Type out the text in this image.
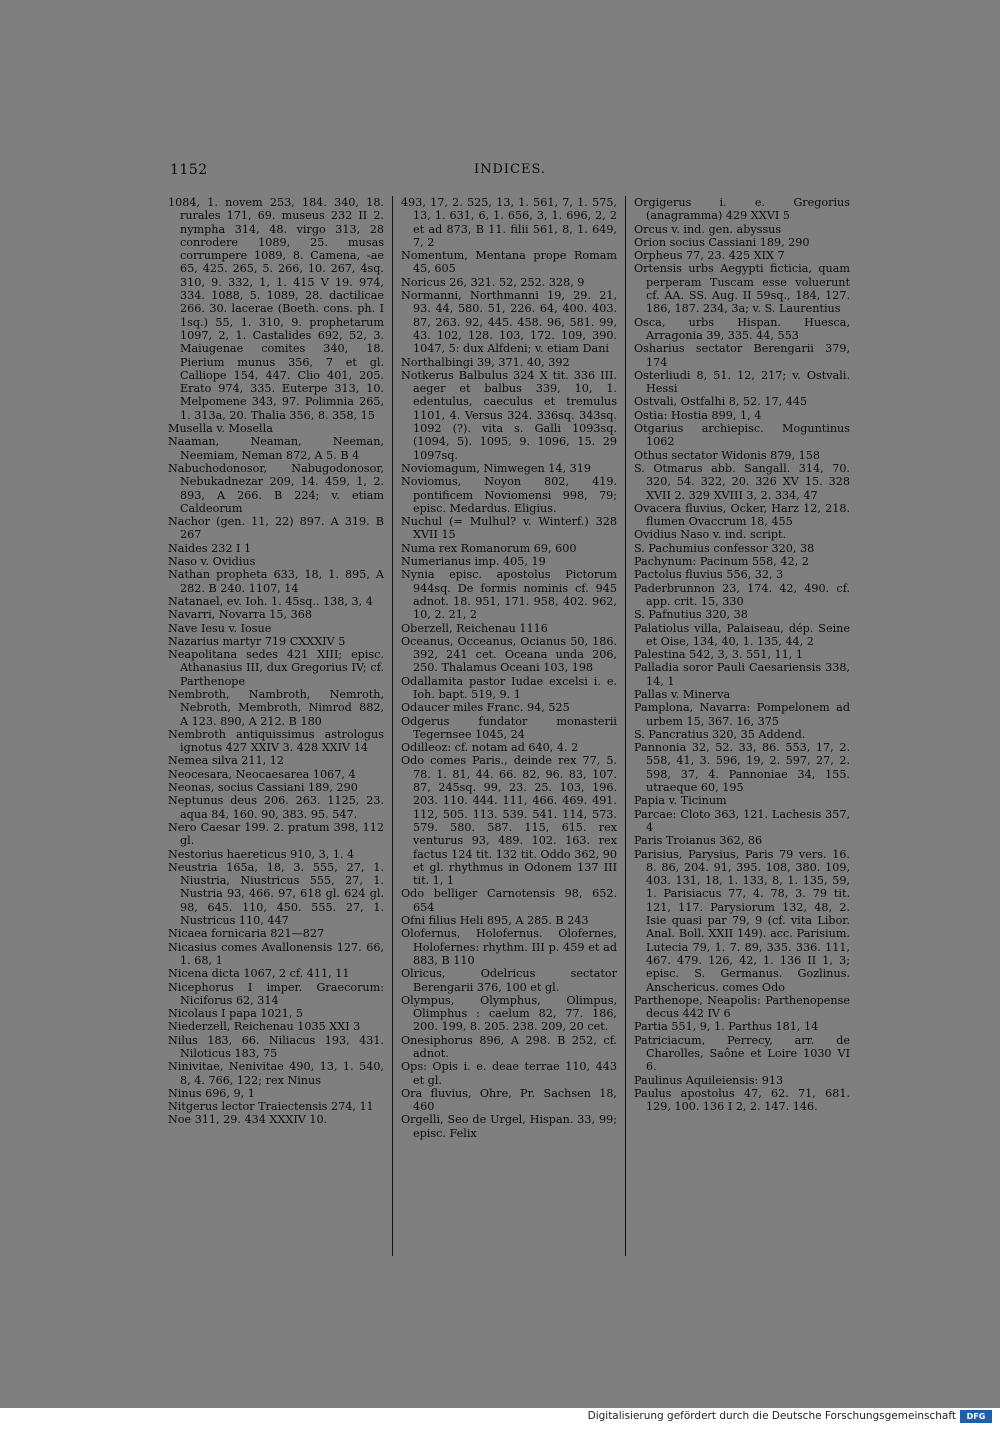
1152	INDICES.

1084, 1. novem 253, 184. 340, 18. rurales 171, 69. museus 232 II 2. nympha 314, 48. virgo 313, 28 conrodere 1089, 25. musas corrumpere 1089, 8. Camena, -ae 65, 425. 265, 5. 266, 10. 267, 4sq. 310, 9. 332, 1, 1. 415 V 19. 974, 334. 1088, 5. 1089, 28. dactilicae 266. 30. lacerae (Boeth. cons. ph. I 1sq.) 55, 1. 310, 9. prophetarum 1097, 2, 1. Castalides 692, 52, 3. Maiugenae comites 340, 18. Pierium munus 356, 7 et gl. Calliope 154, 447. Clio 401, 205. Erato 974, 335. Euterpe 313, 10. Melpomene 343, 97. Polimnia 265, 1. 313a, 20. Thalia 356, 8. 358, 15

Musella v. Mosella

Naaman, Neaman, Neeman, Neemiam, Neman 872, A 5. B 4

Nabuchodonosor, Nabugodonosor, Nebukadnezar 209, 14. 459, 1, 2. 893, A 266. B 224; v. etiam Caldeorum

Nachor (gen. 11, 22) 897. A 319. B 267

Naides 232 I 1

Naso v. Ovidius

Nathan propheta 633, 18, 1. 895, A 282. B 240. 1107, 14

Natanael, ev. Ioh. 1. 45sq.. 138, 3, 4

Navarri, Novarra 15, 368

Nave Iesu v. Iosue

Nazarius martyr 719 CXXXIV 5

Neapolitana sedes 421 XIII; episc. Athanasius III, dux Gregorius IV; cf. Parthenope

Nembroth, Nambroth, Nemroth, Nebroth, Membroth, Nimrod 882, A 123. 890, A 212. B 180

Nembroth antiquissimus astrologus ignotus 427 XXIV 3. 428 XXIV 14

Nemea silva 211, 12

Neocesara, Neocaesarea 1067, 4

Neonas, socius Cassiani 189, 290

Neptunus deus 206. 263. 1125, 23. aqua 84, 160. 90, 383. 95. 547.

Nero Caesar 199. 2. pratum 398, 112 gl.

Nestorius haereticus 910, 3, 1. 4

Neustria 165a, 18, 3. 555, 27, 1. Niustria, Niustricus 555, 27, 1. Nustria 93, 466. 97, 618 gl. 624 gl. 98, 645. 110, 450. 555. 27, 1. Nustricus 110, 447

Nicaea fornicaria 821—827

Nicasius comes Avallonensis 127. 66, 1. 68, 1

Nicena dicta 1067, 2 cf. 411, 11

Nicephorus I imper. Graecorum: Niciforus 62, 314

Nicolaus I papa 1021, 5

Niederzell, Reichenau 1035 XXI 3

Nilus 183, 66. Niliacus 193, 431. Niloticus 183, 75

Ninivitae, Nenivitae 490, 13, 1. 540, 8, 4. 766, 122; rex Ninus

Ninus 696, 9, 1

Nitgerus lector Traiectensis 274, 11

Noe 311, 29. 434 XXXIV 10.

493, 17, 2. 525, 13, 1. 561, 7, 1. 575, 13, 1. 631, 6, 1. 656, 3, 1. 696, 2, 2 et ad 873, B 11. filii 561, 8, 1. 649, 7, 2

Nomentum, Mentana prope Romam 45, 605

Noricus 26, 321. 52, 252. 328, 9

Normanni, Northmanni 19, 29. 21, 93. 44, 580. 51, 226. 64, 400. 403. 87, 263. 92, 445. 458. 96, 581. 99, 43. 102, 128. 103, 172. 109, 390. 1047, 5: dux Alfdeni; v. etiam Dani

Northalbingi 39, 371. 40, 392

Notkerus Balbulus 324 X tit. 336 III. aeger et balbus 339, 10, 1. edentulus, caeculus et tremulus 1101, 4. Versus 324. 336sq. 343sq. 1092 (?). vita s. Galli 1093sq. (1094, 5). 1095, 9. 1096, 15. 29 1097sq.

Noviomagum, Nimwegen 14, 319

Noviomus, Noyon 802, 419. pontificem Noviomensi 998, 79; episc. Medardus. Eligius.

Nuchul (= Mulhul? v. Winterf.) 328 XVII 15

Numa rex Romanorum 69, 600

Numerianus imp. 405, 19

Nynia episc. apostolus Pictorum 944sq. De formis nominis cf. 945 adnot. 18. 951, 171. 958, 402. 962, 10, 2. 21, 2

Oberzell, Reichenau 1116

Oceanus, Occeanus, Ocianus 50, 186. 392, 241 cet. Oceana unda 206, 250. Thalamus Oceani 103, 198

Odallamita pastor Iudae excelsi i. e. Ioh. bapt. 519, 9. 1

Odaucer miles Franc. 94, 525

Odgerus fundator monasterii Tegernsee 1045, 24

Odilleoz: cf. notam ad 640, 4. 2

Odo comes Paris., deinde rex 77, 5. 78. 1. 81, 44. 66. 82, 96. 83, 107. 87, 245sq. 99, 23. 25. 103, 196. 203. 110. 444. 111, 466. 469. 491. 112, 505. 113. 539. 541. 114, 573. 579. 580. 587. 115, 615. rex venturus 93, 489. 102. 163. rex factus 124 tit. 132 tit. Oddo 362, 90 et gl. rhythmus in Odonem 137 III tit. 1, 1

Odo belliger Carnotensis 98, 652. 654

Ofni filius Heli 895, A 285. B 243

Olofernus, Holofernus. Olofernes, Holofernes: rhythm. III p. 459 et ad 883, B 110

Olricus, Odelricus sectator Berengarii 376, 100 et gl.

Olympus, Olymphus, Olimpus, Olimphus : caelum 82, 77. 186, 200. 199, 8. 205. 238. 209, 20 cet.

Onesiphorus 896, A 298. B 252, cf. adnot.

Ops: Opis i. e. deae terrae 110, 443 et gl.

Ora fluvius, Ohre, Pr. Sachsen 18, 460

Orgelli, Seo de Urgel, Hispan. 33, 99; episc. Felix

Orgigerus i. e. Gregorius (anagramma) 429 XXVI 5

Orcus v. ind. gen. abyssus

Orion socius Cassiani 189, 290

Orpheus 77, 23. 425 XIX 7

Ortensis urbs Aegypti ficticia, quam perperam Tuscam esse voluerunt cf. AA. SS. Aug. II 59sq., 184, 127. 186, 187. 234, 3a; v. S. Laurentius

Osca, urbs Hispan. Huesca, Arragonia 39, 335. 44, 553

Osharius sectator Berengarii 379, 174

Osterliudi 8, 51. 12, 217; v. Ostvali. Hessi

Ostvali, Ostfalhi 8, 52. 17, 445

Ostia: Hostia 899, 1, 4

Otgarius archiepisc. Moguntinus 1062

Othus sectator Widonis 879, 158

S. Otmarus abb. Sangall. 314, 70. 320, 54. 322, 20. 326 XV 15. 328 XVII 2. 329 XVIII 3, 2. 334, 47

Ovacera fluvius, Ocker, Harz 12, 218. flumen Ovaccrum 18, 455

Ovidius Naso v. ind. script.

S. Pachumius confessor 320, 38

Pachynum: Pacinum 558, 42, 2

Pactolus fluvius 556, 32, 3

Paderbrunnon 23, 174. 42, 490. cf. app. crit. 15, 330

S. Pafnutius 320, 38

Palatiolus villa, Palaiseau, dép. Seine et Oise, 134, 40, 1. 135, 44, 2

Palestina 542, 3, 3. 551, 11, 1

Palladia soror Pauli Caesariensis 338, 14, 1

Pallas v. Minerva

Pamplona, Navarra: Pompelonem ad urbem 15, 367. 16, 375

S. Pancratius 320, 35 Addend.

Pannonia 32, 52. 33, 86. 553, 17, 2. 558, 41, 3. 596, 19, 2. 597, 27, 2. 598, 37, 4. Pannoniae 34, 155. utraeque 60, 195

Papia v. Ticinum

Parcae: Cloto 363, 121. Lachesis 357, 4

Paris Troianus 362, 86

Parisius, Parysius, Paris 79 vers. 16. 8. 86, 204. 91, 395. 108, 380. 109, 403. 131, 18, 1. 133, 8, 1. 135, 59, 1. Parisiacus 77, 4. 78, 3. 79 tit. 121, 117. Parysiorum 132, 48, 2. Isie quasi par 79, 9 (cf. vita Libor. Anal. Boll. XXII 149). acc. Parisium. Lutecia 79, 1. 7. 89, 335. 336. 111, 467. 479. 126, 42, 1. 136 II 1, 3; episc. S. Germanus. Gozlinus. Anschericus. comes Odo

Parthenope, Neapolis: Parthenopense decus 442 IV 6

Partia 551, 9, 1. Parthus 181, 14

Patriciacum, Perrecy, arr. de Charolles, Saône et Loire 1030 VI 6.

Paulinus Aquileiensis: 913

Paulus apostolus 47, 62. 71, 681. 129, 100. 136 I 2, 2. 147. 146.

Digitalisierung gefördert durch die Deutsche Forschungsgemeinschaft	DFG
